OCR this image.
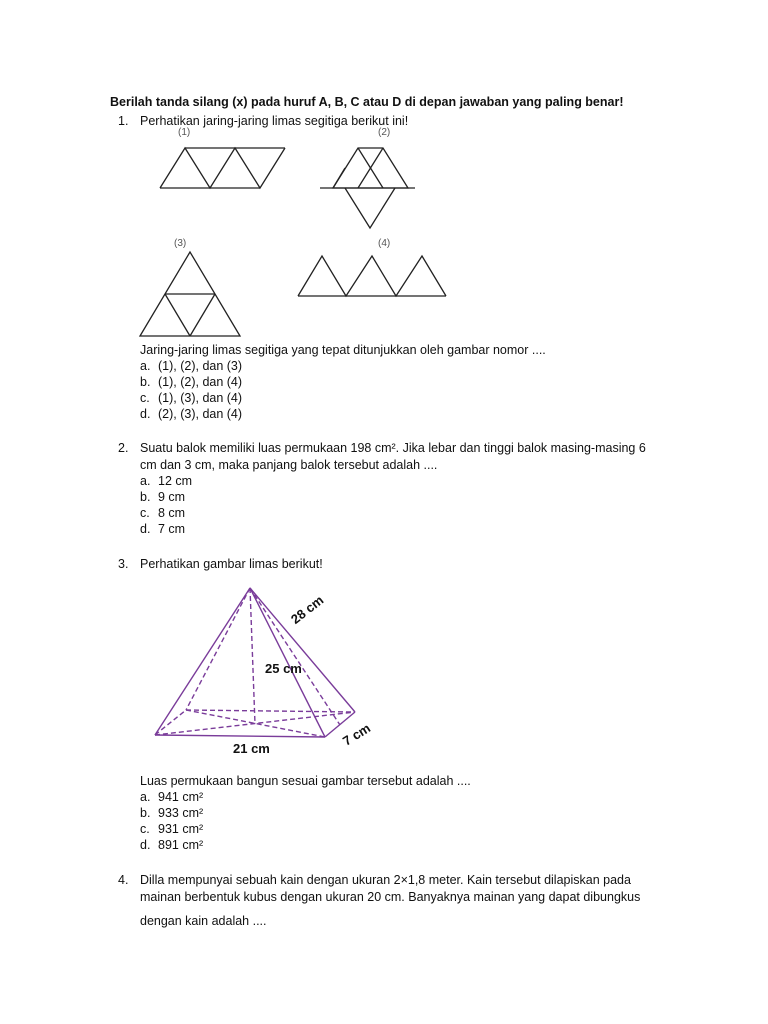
Berilah tanda silang (x) pada huruf A, B, C atau D di depan jawaban yang paling benar!
1. Perhatikan jaring-jaring limas segitiga berikut ini!
(1)	(2)
(3)	(4)
Jaring-jaring limas segitiga yang tepat ditunjukkan oleh gambar nomor ....
a. (1), (2), dan (3)
b. (1), (2), dan (4)
c. (1), (3), dan (4)
d. (2), (3), dan (4)
2. Suatu balok memiliki luas permukaan 198 cm². Jika lebar dan tinggi balok masing-masing 6
cm dan 3 cm, maka panjang balok tersebut adalah ....
a. 12 cm
b. 9 cm
c. 8 cm
d. 7 cm
3. Perhatikan gambar limas berikut!
28 cm
25 cm
21 cm	7 cm
Luas permukaan bangun sesuai gambar tersebut adalah ....
a. 941 cm²
b. 933 cm²
c. 931 cm²
d. 891 cm²
4. Dilla mempunyai sebuah kain dengan ukuran 2×1,8 meter. Kain tersebut dilapiskan pada
mainan berbentuk kubus dengan ukuran 20 cm. Banyaknya mainan yang dapat dibungkus
dengan kain adalah ....
